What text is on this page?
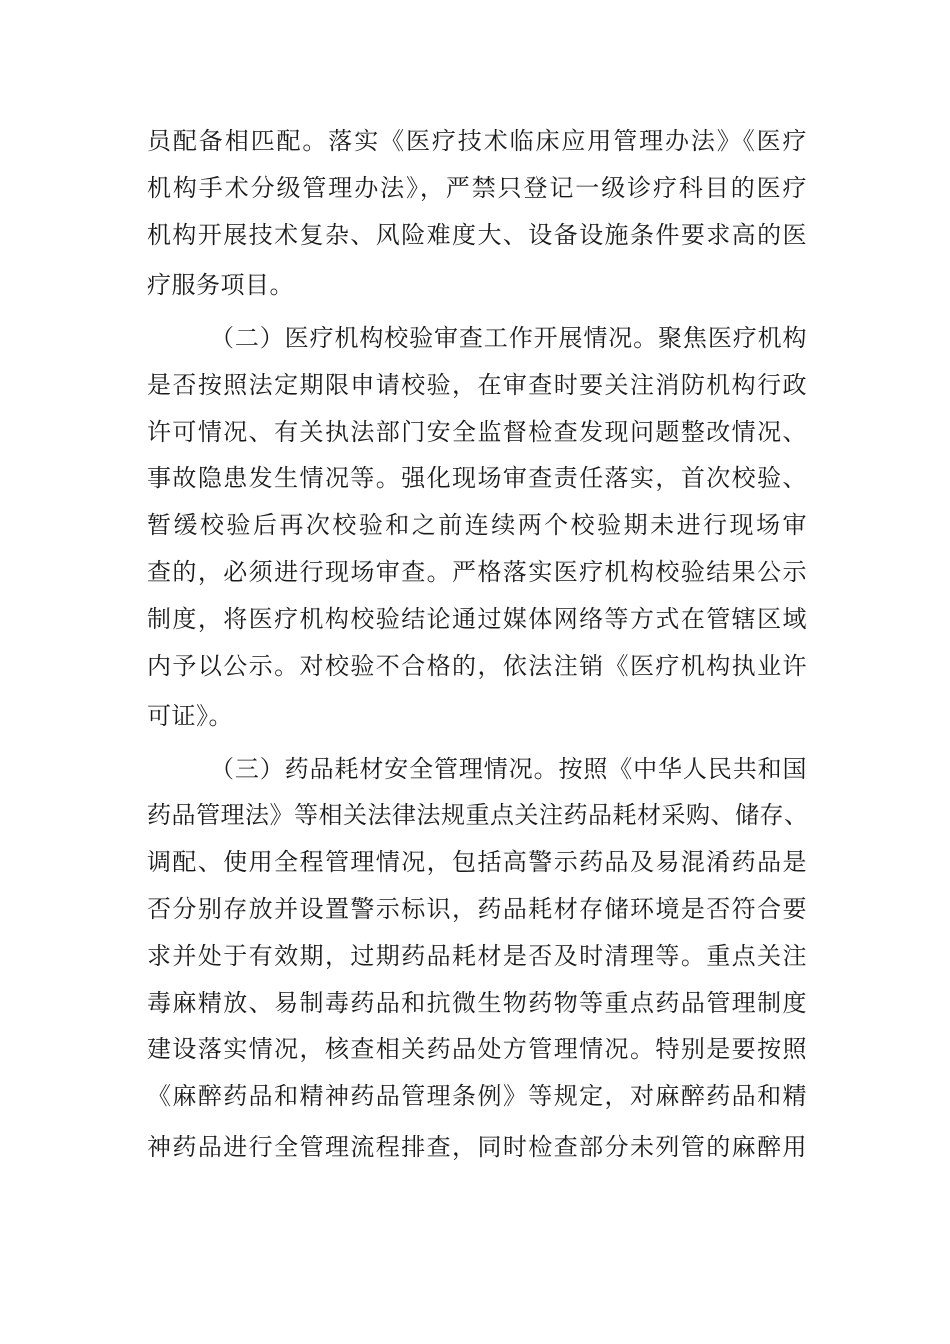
员配备相匹配。落实《医疗技术临床应用管理办法》《医疗
机构手术分级管理办法》，严禁只登记一级诊疗科目的医疗
机构开展技术复杂、风险难度大、设备设施条件要求高的医
疗服务项目。
（二）医疗机构校验审查工作开展情况。聚焦医疗机构
是否按照法定期限申请校验，在审查时要关注消防机构行政
许可情况、有关执法部门安全监督检查发现问题整改情况、
事故隐患发生情况等。强化现场审查责任落实，首次校验、
暂缓校验后再次校验和之前连续两个校验期未进行现场审
查的，必须进行现场审查。严格落实医疗机构校验结果公示
制度，将医疗机构校验结论通过媒体网络等方式在管辖区域
内予以公示。对校验不合格的，依法注销《医疗机构执业许
可证》。
（三）药品耗材安全管理情况。按照《中华人民共和国
药品管理法》等相关法律法规重点关注药品耗材采购、储存、
调配、使用全程管理情况，包括高警示药品及易混淆药品是
否分别存放并设置警示标识，药品耗材存储环境是否符合要
求并处于有效期，过期药品耗材是否及时清理等。重点关注
毒麻精放、易制毒药品和抗微生物药物等重点药品管理制度
建设落实情况，核查相关药品处方管理情况。特别是要按照
《麻醉药品和精神药品管理条例》等规定，对麻醉药品和精
神药品进行全管理流程排查，同时检查部分未列管的麻醉用
